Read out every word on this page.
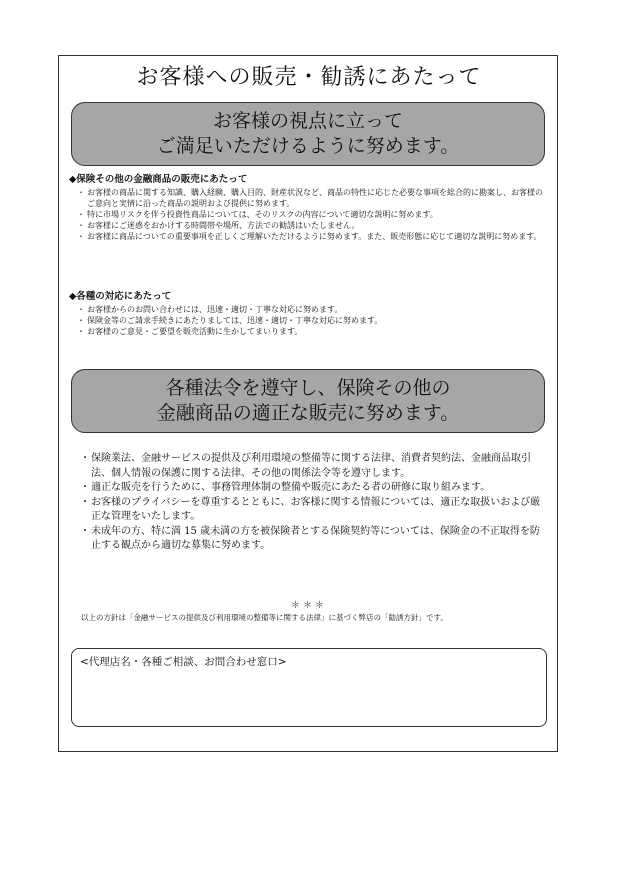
お客様への販売・勧誘にあたって
お客様の視点に立って
ご満足いただけるように努めます。
◆保険その他の金融商品の販売にあたって
・ お客様の商品に関する知識、購入経験、購入目的、財産状況など、商品の特性に応じた必要な事項を総合的に勘案し、お客様のご意向と実情に沿った商品の説明および提供に努めます。
・ 特に市場リスクを伴う投資性商品については、そのリスクの内容について適切な説明に努めます。
・ お客様にご迷惑をおかけする時間帯や場所、方法での勧誘はいたしません。
・ お客様に商品についての重要事項を正しくご理解いただけるように努めます。また、販売形態に応じて適切な説明に努めます。
◆各種の対応にあたって
・ お客様からのお問い合わせには、迅速・適切・丁寧な対応に努めます。
・ 保険金等のご請求手続きにあたりましては、迅速・適切・丁寧な対応に努めます。
・ お客様のご意見・ご要望を販売活動に生かしてまいります。
各種法令を遵守し、保険その他の
金融商品の適正な販売に努めます。
・ 保険業法、金融サービスの提供及び利用環境の整備等に関する法律、消費者契約法、金融商品取引法、個人情報の保護に関する法律、その他の関係法令等を遵守します。
・ 適正な販売を行うために、事務管理体制の整備や販売にあたる者の研修に取り組みます。
・ お客様のプライバシーを尊重するとともに、お客様に関する情報については、適正な取扱いおよび厳正な管理をいたします。
・ 未成年の方、特に満 15 歳未満の方を被保険者とする保険契約等については、保険金の不正取得を防止する観点から適切な募集に努めます。
＊＊＊
以上の方針は「金融サービスの提供及び利用環境の整備等に関する法律」に基づく弊店の「勧誘方針」です。
<代理店名・各種ご相談、お問合わせ窓口>
